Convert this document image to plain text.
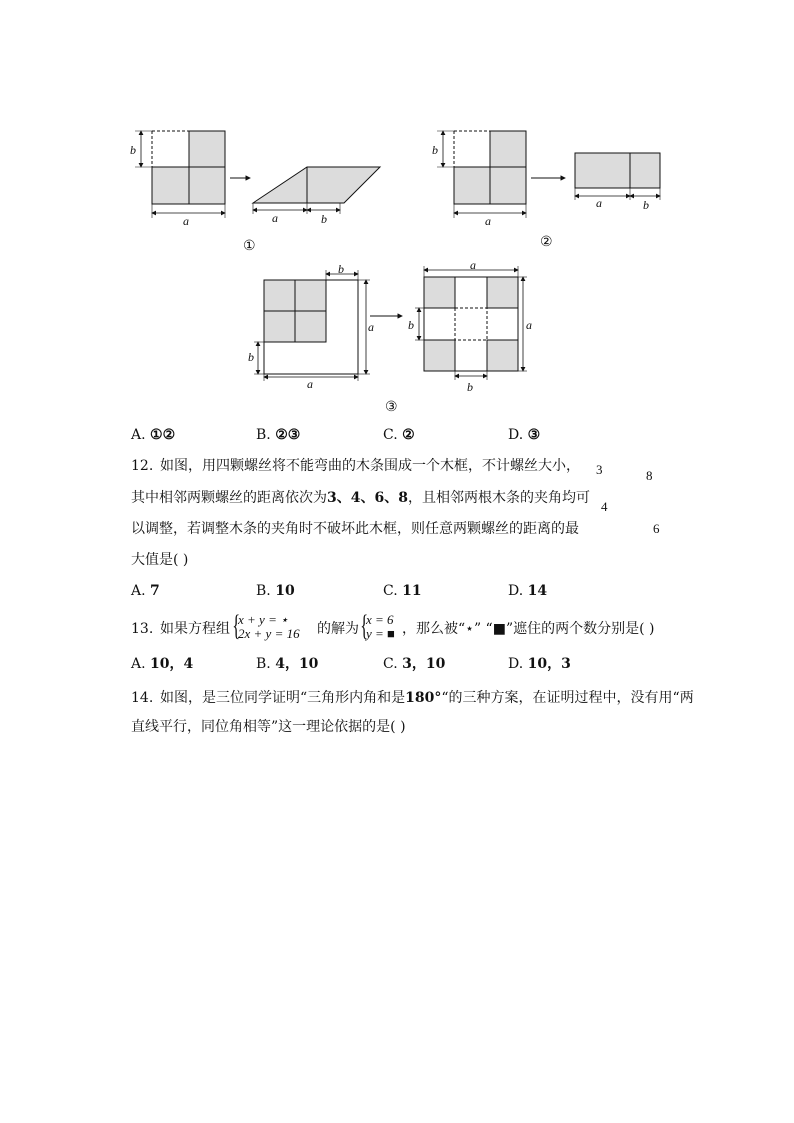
b
a	a	b
①
b
a
a	b
②
b
a
b
a
a
b	a
b
③
A. ①②	B. ②③	C. ②	D. ③
12. 如图，用四颗螺丝将不能弯曲的木条围成一个木框，不计螺丝大小，
其中相邻两颗螺丝的距离依次为3、4、6、8，且相邻两根木条的夹角均可
以调整，若调整木条的夹角时不破坏此木框，则任意两颗螺丝的距离的最
大值是( )
3	8
4
6
A. 7	B. 10	C. 11	D. 14
13. 如果方程组 {
x + y = ⋆
2x + y = 16 的解为 {
x = 6
y = ■ ，那么被“⋆” “■”遮住的两个数分别是( )
A. 10，4	B. 4，10	C. 3，10	D. 10，3
14. 如图，是三位同学证明“三角形内角和是180°“的三种方案，在证明过程中，没有用“两
直线平行，同位角相等”这一理论依据的是( )
